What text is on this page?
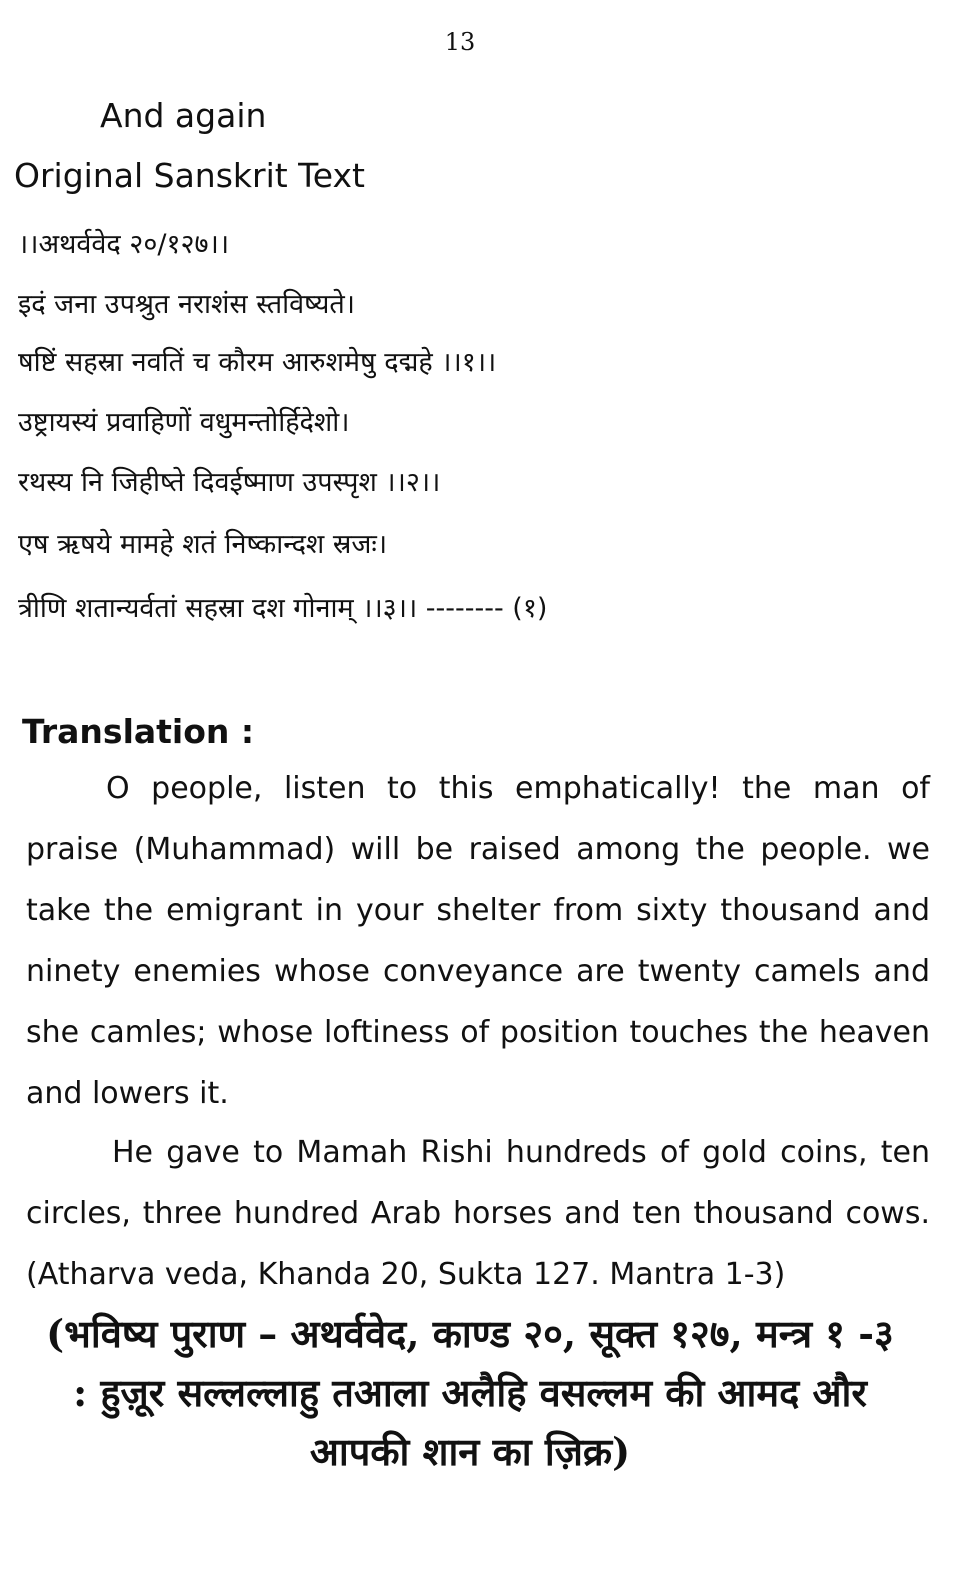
13
And again
Original Sanskrit Text
।।अथर्ववेद २०/१२७।।
इदं जना उपश्रुत नराशंस स्तविष्यते।
षष्टिं सहस्रा नवतिं च कौरम आरुशमेषु दद्महे ।।१।।
उष्ट्रायस्यं प्रवाहिणों वधुमन्तोर्हिदेशो।
रथस्य नि जिहीष्ते दिवईष्माण उपस्पृश ।।२।।
एष ऋषये मामहे शतं निष्कान्दश स्रजः।
त्रीणि शतान्यर्वतां सहस्रा दश गोनाम् ।।३।। -------- (१)
Translation :

O people, listen to this emphatically! the man of praise (Muhammad) will be raised among the people. we take the emigrant in your shelter from sixty thousand and ninety enemies whose conveyance are twenty camels and she camles; whose loftiness of position touches the heaven and lowers it.

He gave to Mamah Rishi hundreds of gold coins, ten circles, three hundred Arab horses and ten thousand cows. (Atharva veda, Khanda 20, Sukta 127. Mantra 1-3)

(भविष्य पुराण – अथर्ववेद, काण्ड २०, सूक्त १२७, मन्त्र १ -३ : हुज़ूर सल्लल्लाहु तआला अलैहि वसल्लम की आमद और आपकी शान का ज़िक्र)
